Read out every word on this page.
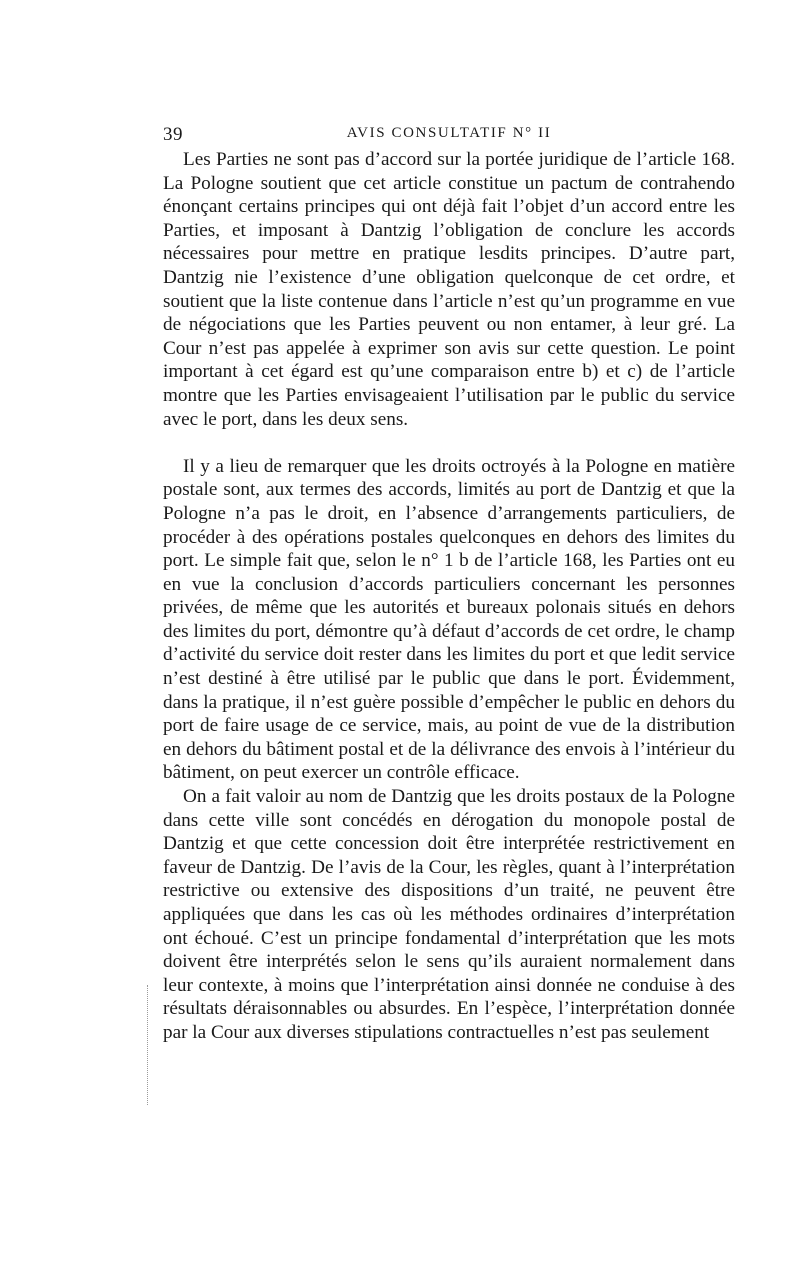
39	AVIS CONSULTATIF N° II

Les Parties ne sont pas d’accord sur la portée juridique de l’article 168. La Pologne soutient que cet article constitue un pactum de contrahendo énonçant certains principes qui ont déjà fait l’objet d’un accord entre les Parties, et imposant à Dantzig l’obligation de conclure les accords nécessaires pour mettre en pratique lesdits principes. D’autre part, Dantzig nie l’existence d’une obligation quelconque de cet ordre, et soutient que la liste contenue dans l’article n’est qu’un programme en vue de négociations que les Parties peuvent ou non entamer, à leur gré. La Cour n’est pas appelée à exprimer son avis sur cette question. Le point important à cet égard est qu’une comparaison entre b) et c) de l’article montre que les Parties envisageaient l’utilisation par le public du service avec le port, dans les deux sens.

Il y a lieu de remarquer que les droits octroyés à la Pologne en matière postale sont, aux termes des accords, limités au port de Dantzig et que la Pologne n’a pas le droit, en l’absence d’arrangements particuliers, de procéder à des opérations postales quelconques en dehors des limites du port. Le simple fait que, selon le n° 1 b de l’article 168, les Parties ont eu en vue la conclusion d’accords particuliers concernant les personnes privées, de même que les autorités et bureaux polonais situés en dehors des limites du port, démontre qu’à défaut d’accords de cet ordre, le champ d’activité du service doit rester dans les limites du port et que ledit service n’est destiné à être utilisé par le public que dans le port. Évidemment, dans la pratique, il n’est guère possible d’empêcher le public en dehors du port de faire usage de ce service, mais, au point de vue de la distribution en dehors du bâtiment postal et de la délivrance des envois à l’intérieur du bâtiment, on peut exercer un contrôle efficace.

On a fait valoir au nom de Dantzig que les droits postaux de la Pologne dans cette ville sont concédés en dérogation du monopole postal de Dantzig et que cette concession doit être interprétée restrictivement en faveur de Dantzig. De l’avis de la Cour, les règles, quant à l’interprétation restrictive ou extensive des dispositions d’un traité, ne peuvent être appliquées que dans les cas où les méthodes ordinaires d’interprétation ont échoué. C’est un principe fondamental d’interprétation que les mots doivent être interprétés selon le sens qu’ils auraient normalement dans leur contexte, à moins que l’interprétation ainsi donnée ne conduise à des résultats déraisonnables ou absurdes. En l’espèce, l’interprétation donnée par la Cour aux diverses stipulations contractuelles n’est pas seulement
